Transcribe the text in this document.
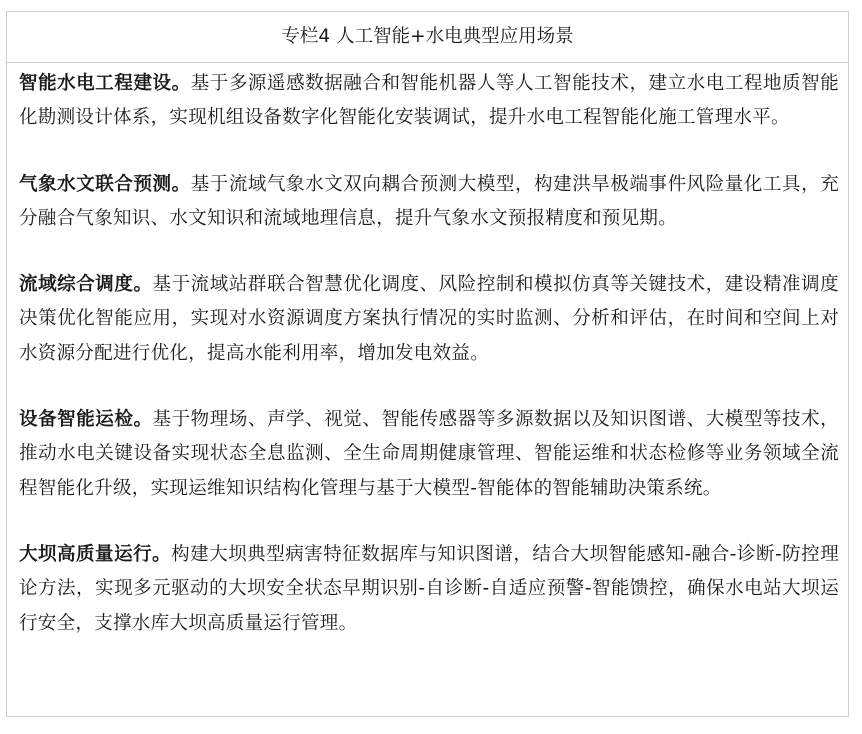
专栏4 人工智能+水电典型应用场景

智能水电工程建设。基于多源遥感数据融合和智能机器人等人工智能技术，建立水电工程地质智能化勘测设计体系，实现机组设备数字化智能化安装调试，提升水电工程智能化施工管理水平。

气象水文联合预测。基于流域气象水文双向耦合预测大模型，构建洪旱极端事件风险量化工具，充分融合气象知识、水文知识和流域地理信息，提升气象水文预报精度和预见期。

流域综合调度。基于流域站群联合智慧优化调度、风险控制和模拟仿真等关键技术，建设精准调度决策优化智能应用，实现对水资源调度方案执行情况的实时监测、分析和评估，在时间和空间上对水资源分配进行优化，提高水能利用率，增加发电效益。

设备智能运检。基于物理场、声学、视觉、智能传感器等多源数据以及知识图谱、大模型等技术，推动水电关键设备实现状态全息监测、全生命周期健康管理、智能运维和状态检修等业务领域全流程智能化升级，实现运维知识结构化管理与基于大模型-智能体的智能辅助决策系统。

大坝高质量运行。构建大坝典型病害特征数据库与知识图谱，结合大坝智能感知-融合-诊断-防控理论方法，实现多元驱动的大坝安全状态早期识别-自诊断-自适应预警-智能馈控，确保水电站大坝运行安全，支撑水库大坝高质量运行管理。
